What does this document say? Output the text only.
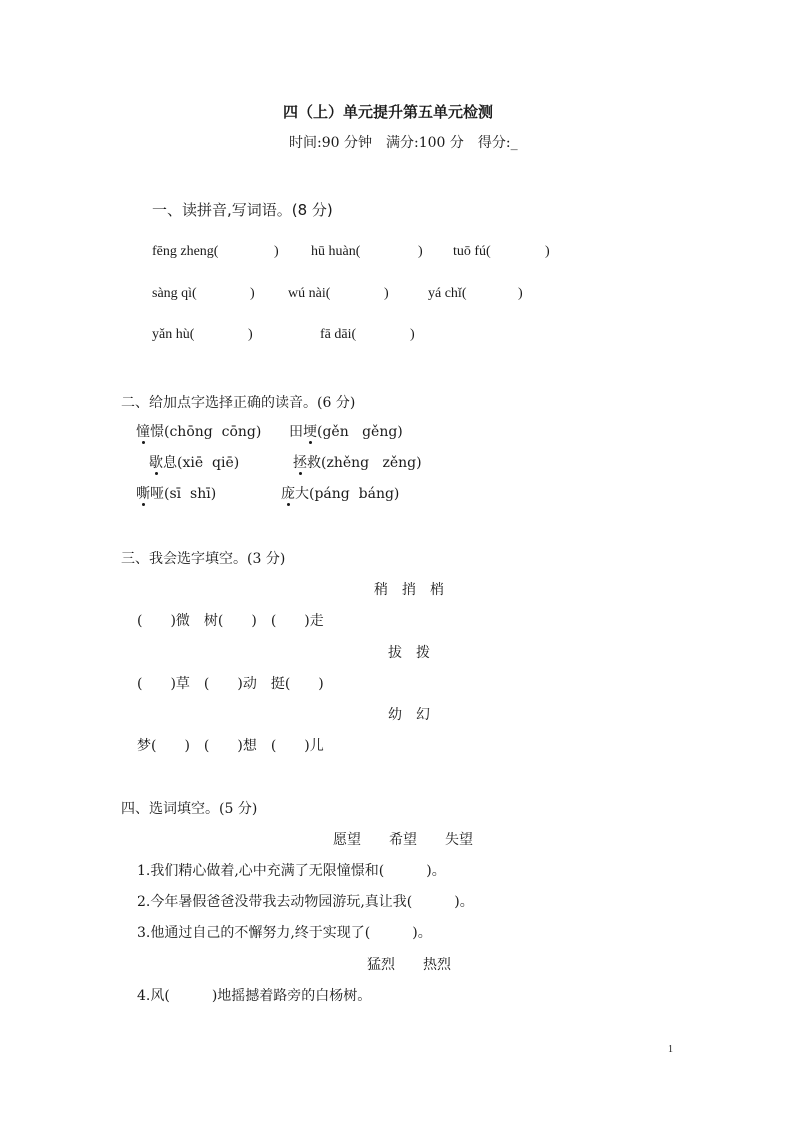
四（上）单元提升第五单元检测
时间:90 分钟　满分:100 分　得分:_
一、读拼音,写词语。(8 分)
fēng zheng(	) hū huàn(	) tuō fú(	)
sàng qì(	) wú nài(	)	yá chǐ(	)
yǎn hù(	)	fā dāi(	)
二、给加点字选择正确的读音。(6 分)
憧憬(chōng  cōng) 田埂(gěn   gěng)
歇息(xiē  qiē)	拯救(zhěng   zěng)
嘶哑(sī  shī)	庞大(páng  báng)
三、我会选字填空。(3 分)
稍　捎　梢
(　　)微　树(　　)　(　　)走
拔　拨
(　　)草　(　　)动　挺(　　)
幼　幻
梦(　　)　(　　)想　(　　)儿
四、选词填空。(5 分)
愿望　　希望　　失望
1.我们精心做着,心中充满了无限憧憬和(　　　)。
2.今年暑假爸爸没带我去动物园游玩,真让我(　　　)。
3.他通过自己的不懈努力,终于实现了(　　　)。
猛烈　　热烈
4.风(　　　)地摇撼着路旁的白杨树。
1
